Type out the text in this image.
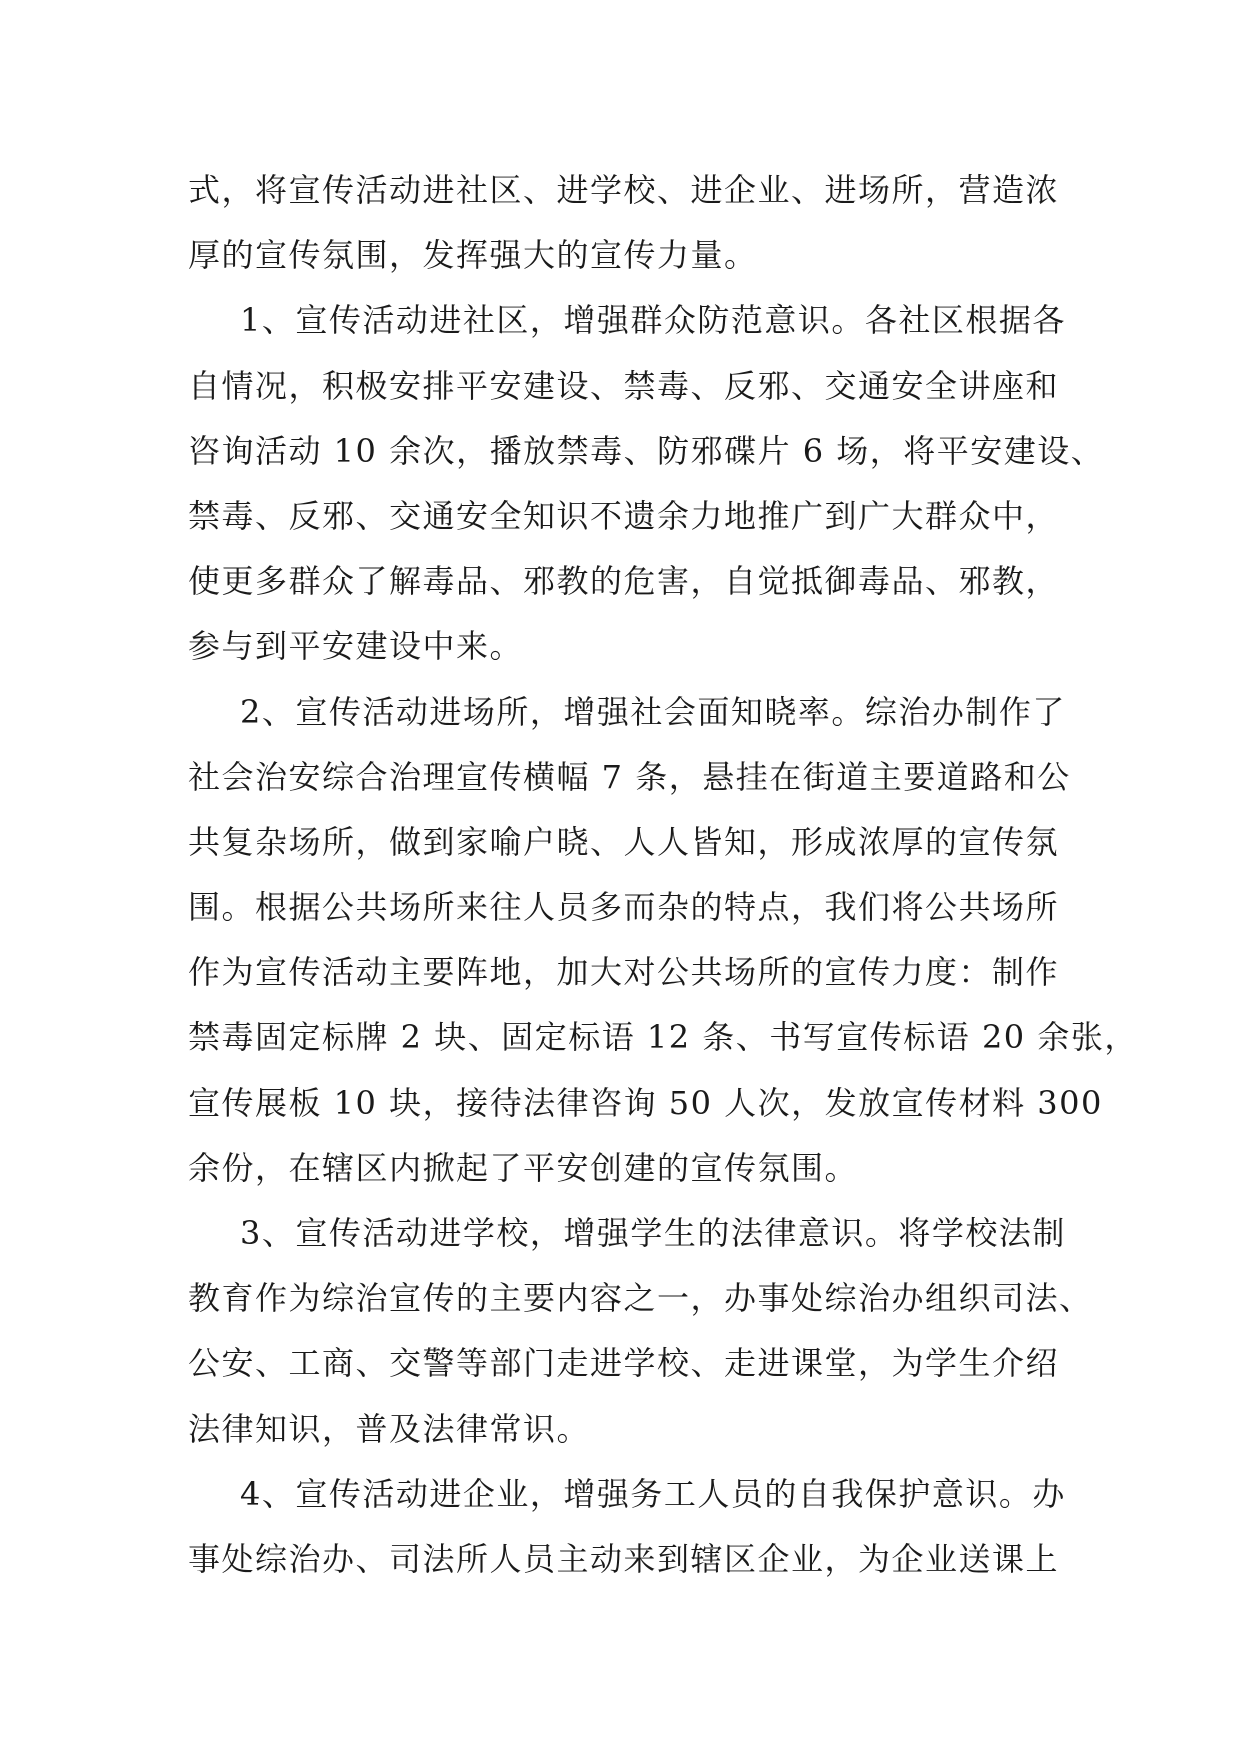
式，将宣传活动进社区、进学校、进企业、进场所，营造浓
厚的宣传氛围，发挥强大的宣传力量。
1、宣传活动进社区，增强群众防范意识。各社区根据各
自情况，积极安排平安建设、禁毒、反邪、交通安全讲座和
咨询活动 10 余次，播放禁毒、防邪碟片 6 场，将平安建设、
禁毒、反邪、交通安全知识不遗余力地推广到广大群众中，
使更多群众了解毒品、邪教的危害，自觉抵御毒品、邪教，
参与到平安建设中来。
2、宣传活动进场所，增强社会面知晓率。综治办制作了
社会治安综合治理宣传横幅 7 条，悬挂在街道主要道路和公
共复杂场所，做到家喻户晓、人人皆知，形成浓厚的宣传氛
围。根据公共场所来往人员多而杂的特点，我们将公共场所
作为宣传活动主要阵地，加大对公共场所的宣传力度：制作
禁毒固定标牌 2 块、固定标语 12 条、书写宣传标语 20 余张，
宣传展板 10 块，接待法律咨询 50 人次，发放宣传材料 300
余份，在辖区内掀起了平安创建的宣传氛围。
3、宣传活动进学校，增强学生的法律意识。将学校法制
教育作为综治宣传的主要内容之一，办事处综治办组织司法、
公安、工商、交警等部门走进学校、走进课堂，为学生介绍
法律知识，普及法律常识。
4、宣传活动进企业，增强务工人员的自我保护意识。办
事处综治办、司法所人员主动来到辖区企业，为企业送课上
